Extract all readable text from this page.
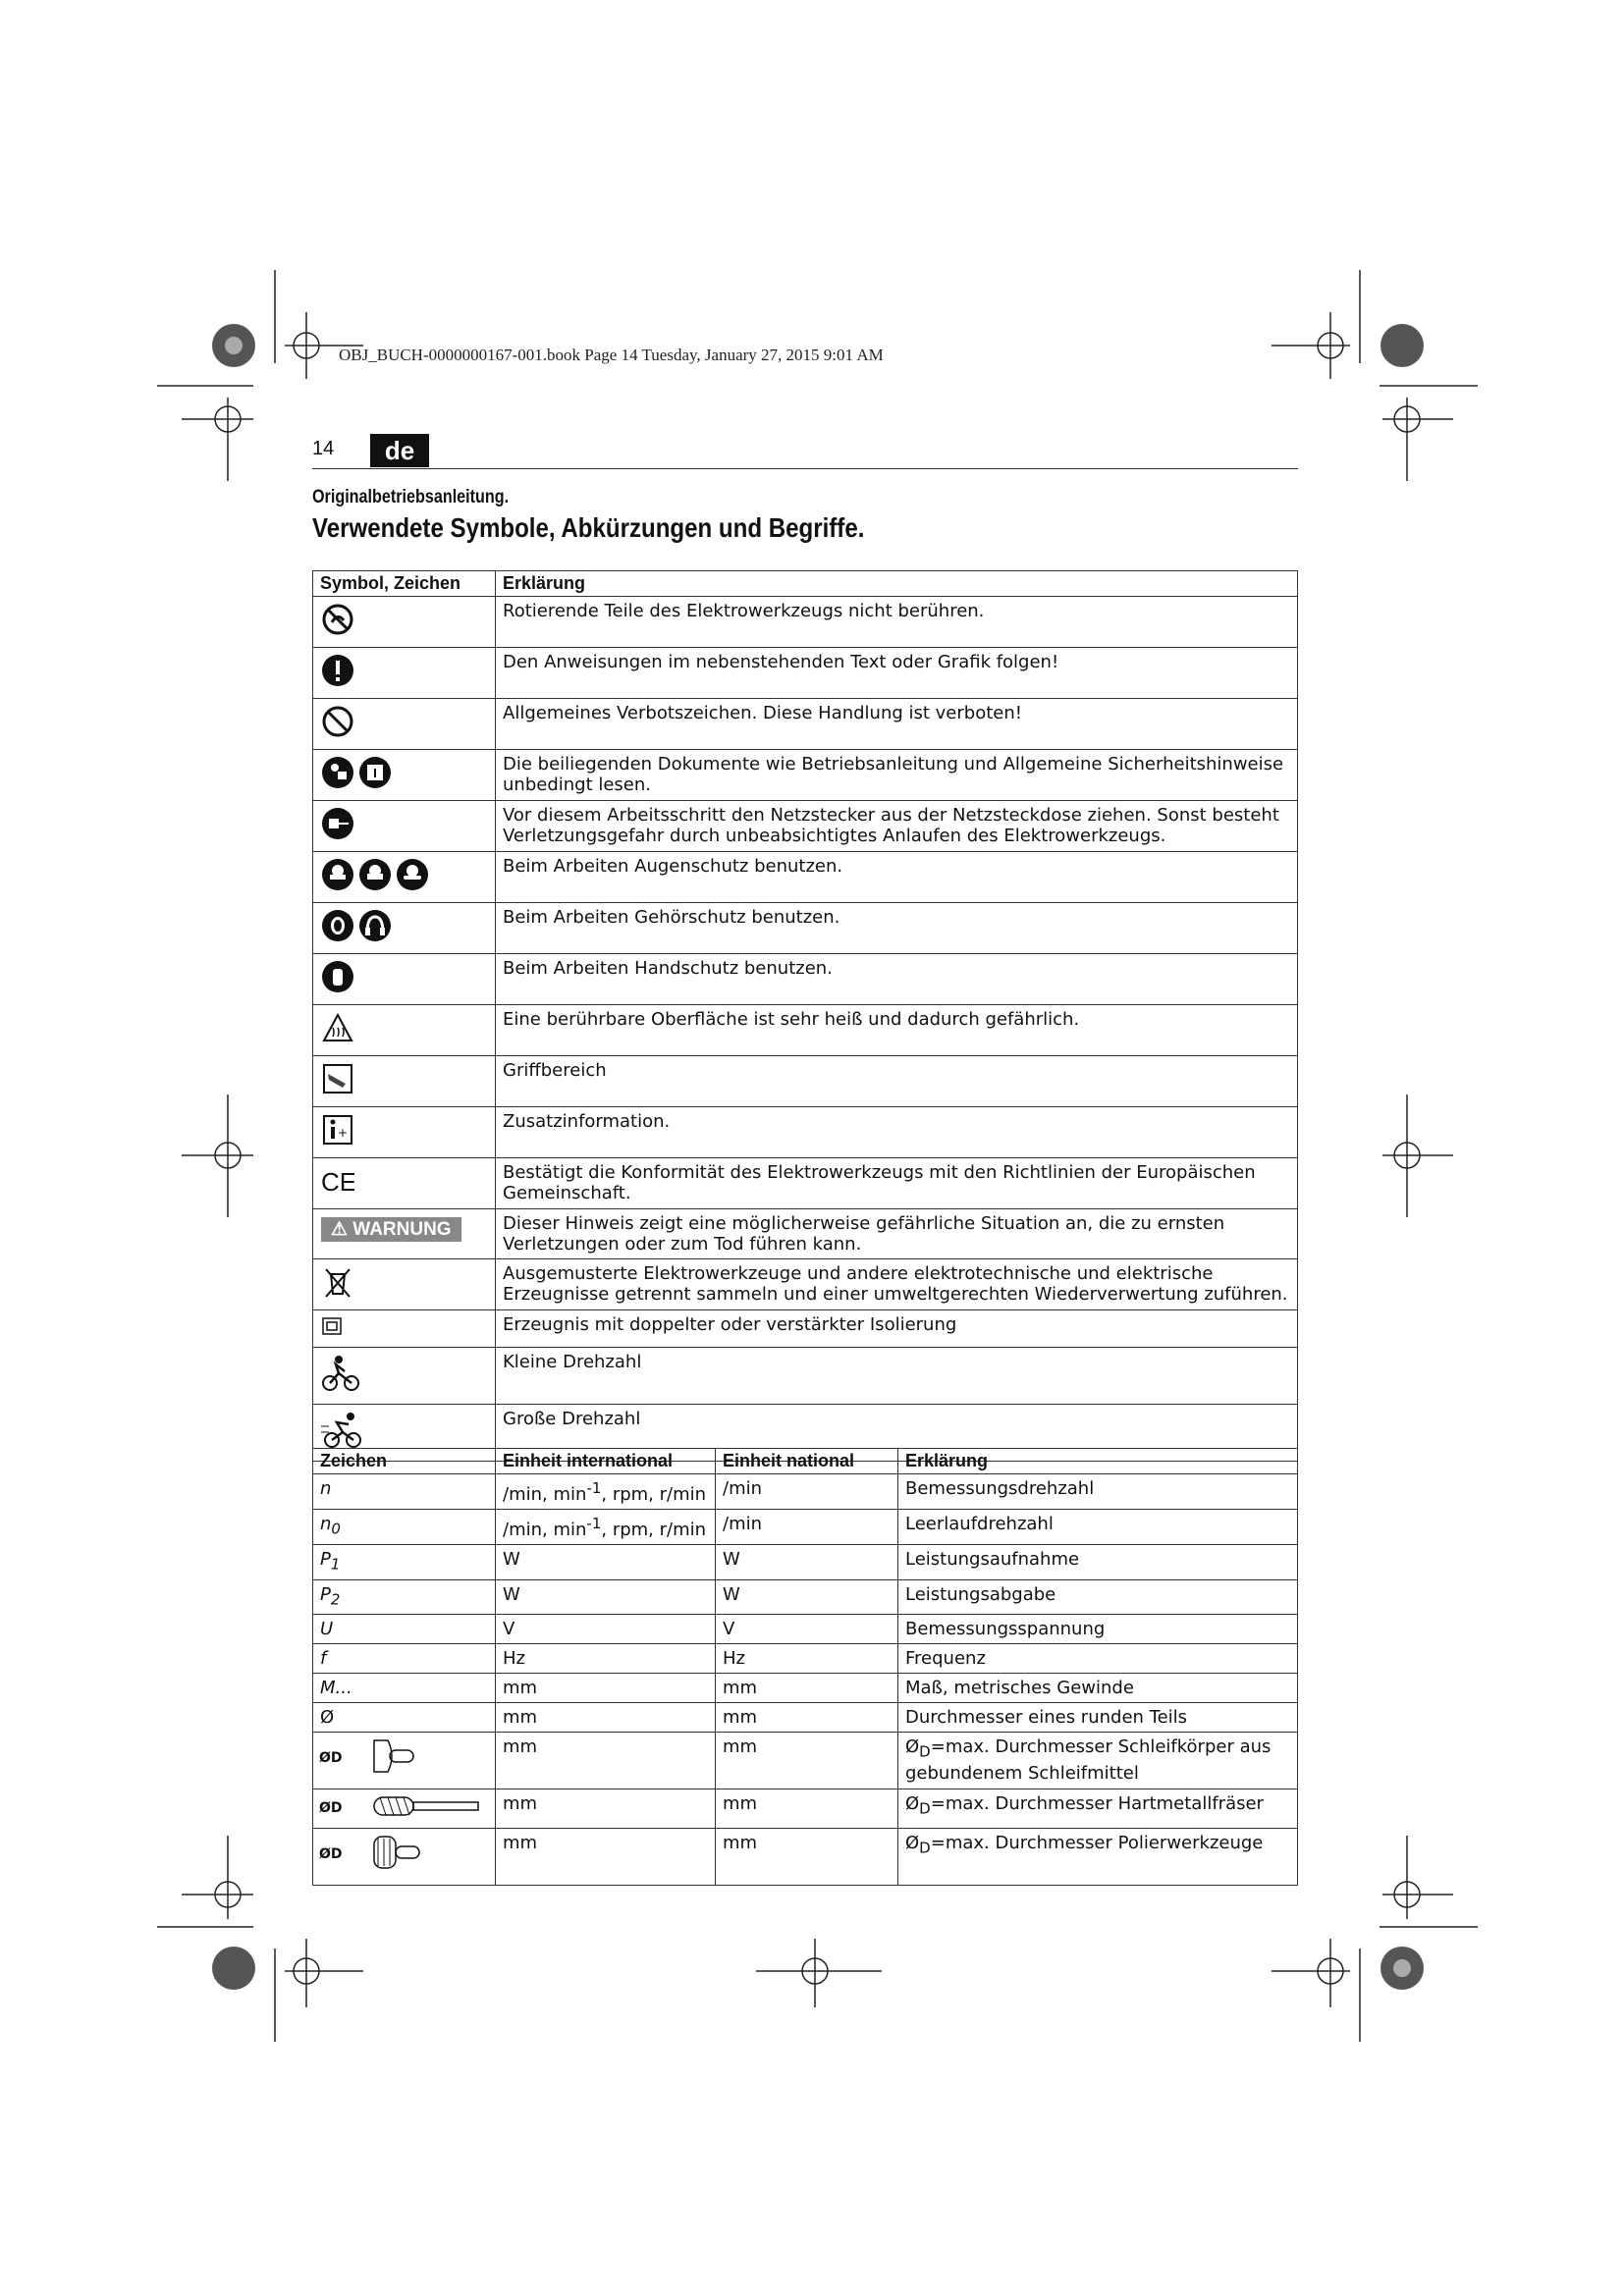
OBJ_BUCH-0000000167-001.book Page 14 Tuesday, January 27, 2015 9:01 AM
14	de
Originalbetriebsanleitung.
Verwendete Symbole, Abkürzungen und Begriffe.
Symbol, Zeichen	Erklärung
	Rotierende Teile des Elektrowerkzeugs nicht berühren.
	Den Anweisungen im nebenstehenden Text oder Grafik folgen!
	Allgemeines Verbotszeichen. Diese Handlung ist verboten!
	Die beiliegenden Dokumente wie Betriebsanleitung und Allgemeine Sicherheitshinweise unbedingt lesen.
	Vor diesem Arbeitsschritt den Netzstecker aus der Netzsteckdose ziehen. Sonst besteht Verletzungsgefahr durch unbeabsichtigtes Anlaufen des Elektrowerkzeugs.
	Beim Arbeiten Augenschutz benutzen.
	Beim Arbeiten Gehörschutz benutzen.
	Beim Arbeiten Handschutz benutzen.
	Eine berührbare Oberfläche ist sehr heiß und dadurch gefährlich.
	Griffbereich

+	Zusatzinformation.

CE	Bestätigt die Konformität des Elektrowerkzeugs mit den Richtlinien der Europäischen Gemeinschaft.
⚠ WARNUNG	Dieser Hinweis zeigt eine möglicherweise gefährliche Situation an, die zu ernsten Verletzungen oder zum Tod führen kann.
	Ausgemusterte Elektrowerkzeuge und andere elektrotechnische und elektrische Erzeugnisse getrennt sammeln und einer umweltgerechten Wiederverwertung zuführen.
	Erzeugnis mit doppelter oder verstärkter Isolierung
	Kleine Drehzahl
	Große Drehzahl
Zeichen	Einheit international	Einheit national	Erklärung
n	/min, $\min^{-1}$, rpm, r/min	/min	Bemessungsdrehzahl
$n_0$	/min, $\min^{-1}$, rpm, r/min	/min	Leerlaufdrehzahl
$P_1$	W	W	Leistungsaufnahme
$P_2$	W	W	Leistungsabgabe
U	V	V	Bemessungsspannung
f	Hz	Hz	Frequenz
M...	mm	mm	Maß, metrisches Gewinde
Ø	mm	mm	Durchmesser eines runden Teils
ØD	mm	mm	$Ø_D=\max$. Durchmesser Schleifkörper aus gebundenem Schleifmittel
ØD	mm	mm	$Ø_D=\max$. Durchmesser Hartmetallfräser
ØD	mm	mm	$Ø_D=\max$. Durchmesser Polierwerkzeuge
